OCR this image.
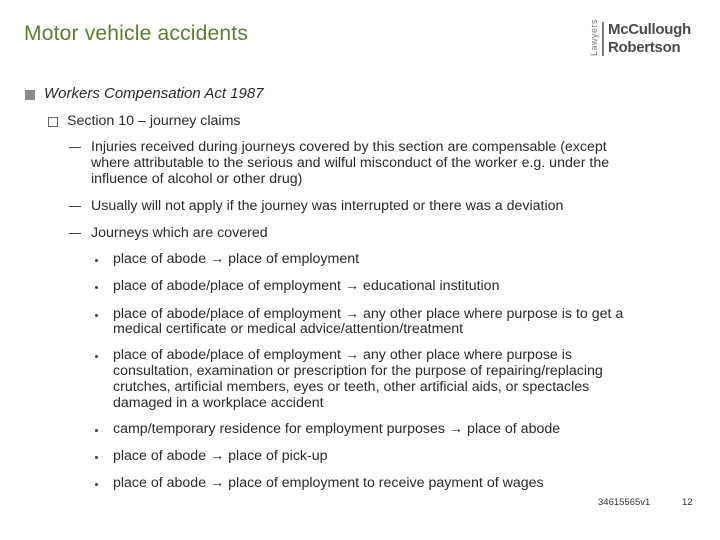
Motor vehicle accidents	Lawyers McCullough
Robertson
Workers Compensation Act 1987
Section 10 – journey claims
Injuries received during journeys covered by this section are compensable (except
where attributable to the serious and wilful misconduct of the worker e.g. under the
influence of alcohol or other drug)
Usually will not apply if the journey was interrupted or there was a deviation
Journeys which are covered
place of abode → place of employment
place of abode/place of employment → educational institution
place of abode/place of employment → any other place where purpose is to get a
medical certificate or medical advice/attention/treatment
place of abode/place of employment → any other place where purpose is
consultation, examination or prescription for the purpose of repairing/replacing
crutches, artificial members, eyes or teeth, other artificial aids, or spectacles
damaged in a workplace accident
camp/temporary residence for employment purposes → place of abode
place of abode → place of pick-up
place of abode → place of employment to receive payment of wages
34615565v1	12
